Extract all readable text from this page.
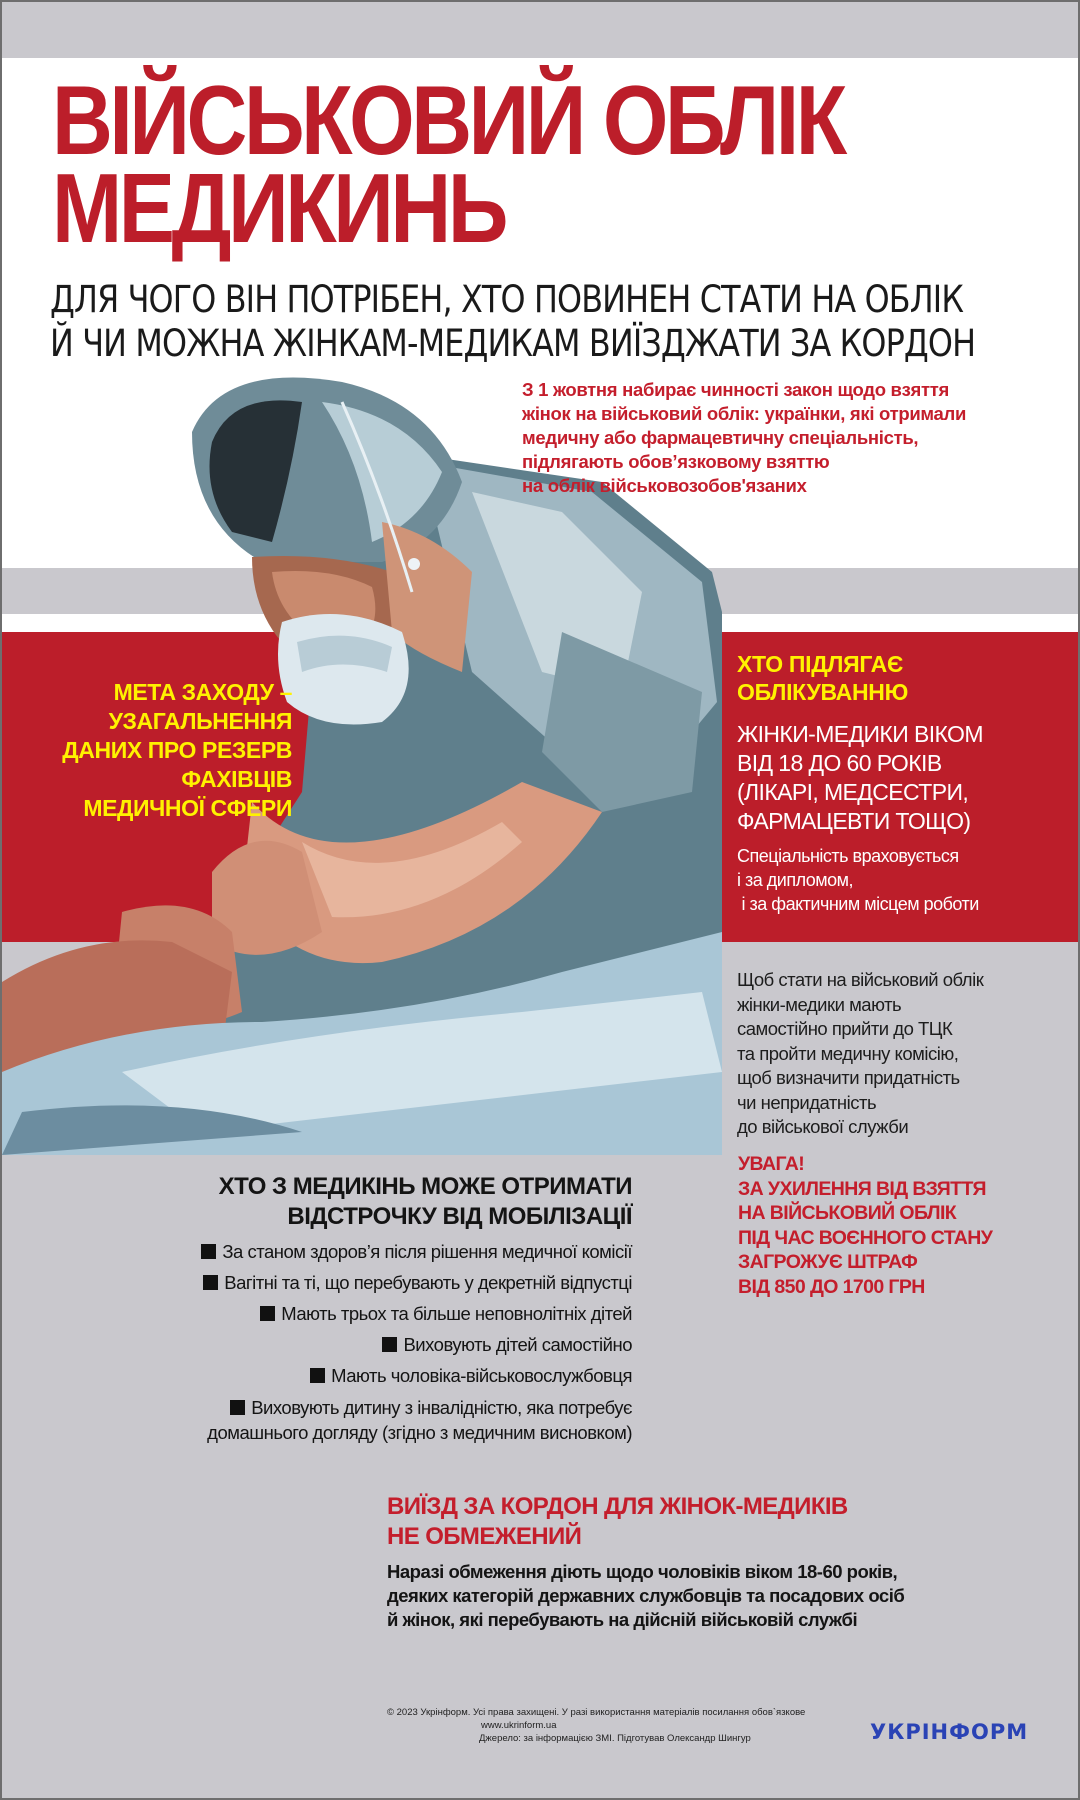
ВІЙСЬКОВИЙ ОБЛІК
МЕДИКИНЬ
ДЛЯ ЧОГО ВІН ПОТРІБЕН, ХТО ПОВИНЕН СТАТИ НА ОБЛІК
Й ЧИ МОЖНА ЖІНКАМ-МЕДИКАМ ВИЇЗДЖАТИ ЗА КОРДОН
З 1 жовтня набирає чинності закон щодо взяття
жінок на військовий облік: українки, які отримали
медичну або фармацевтичну спеціальність,
підлягають обов’язковому взяттю
на облік військовозобов'язаних
МЕТА ЗАХОДУ –
УЗАГАЛЬНЕННЯ
ДАНИХ ПРО РЕЗЕРВ
ФАХІВЦІВ
МЕДИЧНОЇ СФЕРИ
ХТО ПІДЛЯГАЄ
ОБЛІКУВАННЮ
ЖІНКИ-МЕДИКИ ВІКОМ
ВІД 18 ДО 60 РОКІВ
(ЛІКАРІ, МЕДСЕСТРИ,
ФАРМАЦЕВТИ ТОЩО)
Спеціальність враховується
і за дипломом,
і за фактичним місцем роботи
Щоб стати на військовий облік
жінки-медики мають
самостійно прийти до ТЦК
та пройти медичну комісію,
щоб визначити придатність
чи непридатність
до військової служби
УВАГА!
ЗА УХИЛЕННЯ ВІД ВЗЯТТЯ
НА ВІЙСЬКОВИЙ ОБЛІК
ПІД ЧАС ВОЄННОГО СТАНУ
ЗАГРОЖУЄ ШТРАФ
ВІД 850 ДО 1700 ГРН
ХТО З МЕДИКІНЬ МОЖЕ ОТРИМАТИ
ВІДСТРОЧКУ ВІД МОБІЛІЗАЦІЇ
За станом здоров’я після рішення медичної комісії
Вагітні та ті, що перебувають у декретній відпустці
Мають трьох та більше неповнолітніх дітей
Виховують дітей самостійно
Мають чоловіка-військовослужбовця
Виховують дитину з інвалідністю, яка потребує
домашнього догляду (згідно з медичним висновком)
ВИЇЗД ЗА КОРДОН ДЛЯ ЖІНОК-МЕДИКІВ
НЕ ОБМЕЖЕНИЙ
Наразі обмеження діють щодо чоловіків віком 18-60 років,
деяких категорій державних службовців та посадових осіб
й жінок, які перебувають на дійсній військовій службі
© 2023 Укрінформ. Усі права захищені. У разі використання матеріалів посилання обов`язкове
www.ukrinform.ua
Джерело: за інформацією ЗМІ. Підготував Олександр Шингур	УКРІНФОРМ
